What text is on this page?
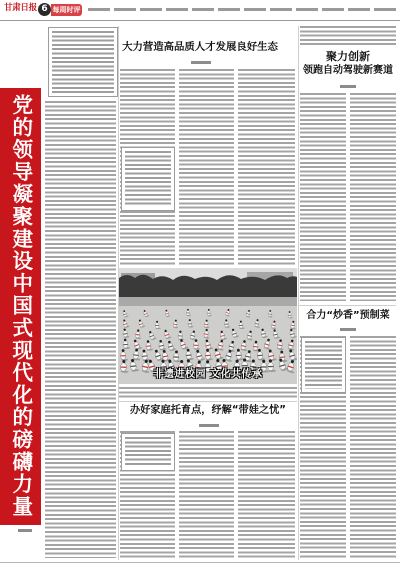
甘肃日报 6 每周时评
党的领导凝聚建设中国式现代化的磅礴力量
大力营造高品质人才发展良好生态
非遗进校园 文化共传承
办好家庭托育点，纾解“带娃之忧”
聚力创新
领跑自动驾驶新赛道
合力“炒香”预制菜
